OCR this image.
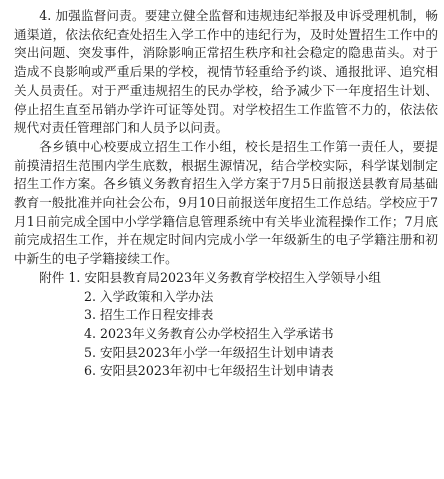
4. 加强监督问责。要建立健全监督和违规违纪举报及申诉受理机制，畅通渠道，依法依纪查处招生入学工作中的违纪行为，及时处置招生工作中的突出问题、突发事件，消除影响正常招生秩序和社会稳定的隐患苗头。对于造成不良影响或严重后果的学校，视情节轻重给予约谈、通报批评、追究相关人员责任。对于严重违规招生的民办学校，给予减少下一年度招生计划、停止招生直至吊销办学许可证等处罚。对学校招生工作监管不力的，依法依规代对责任管理部门和人员予以问责。

各乡镇中心校要成立招生工作小组，校长是招生工作第一责任人，要提前摸清招生范围内学生底数，根据生源情况，结合学校实际，科学谋划制定招生工作方案。各乡镇义务教育招生入学方案于7月5日前报送县教育局基础教育一般批准并向社会公布，9月10日前报送年度招生工作总结。学校应于7月1日前完成全国中小学学籍信息管理系统中有关毕业流程操作工作；7月底前完成招生工作，并在规定时间内完成小学一年级新生的电子学籍注册和初中新生的电子学籍接续工作。

附件 1. 安阳县教育局2023年义务教育学校招生入学领导小组

2. 入学政策和入学办法
3. 招生工作日程安排表
4. 2023年义务教育公办学校招生入学承诺书
5. 安阳县2023年小学一年级招生计划申请表
6. 安阳县2023年初中七年级招生计划申请表
